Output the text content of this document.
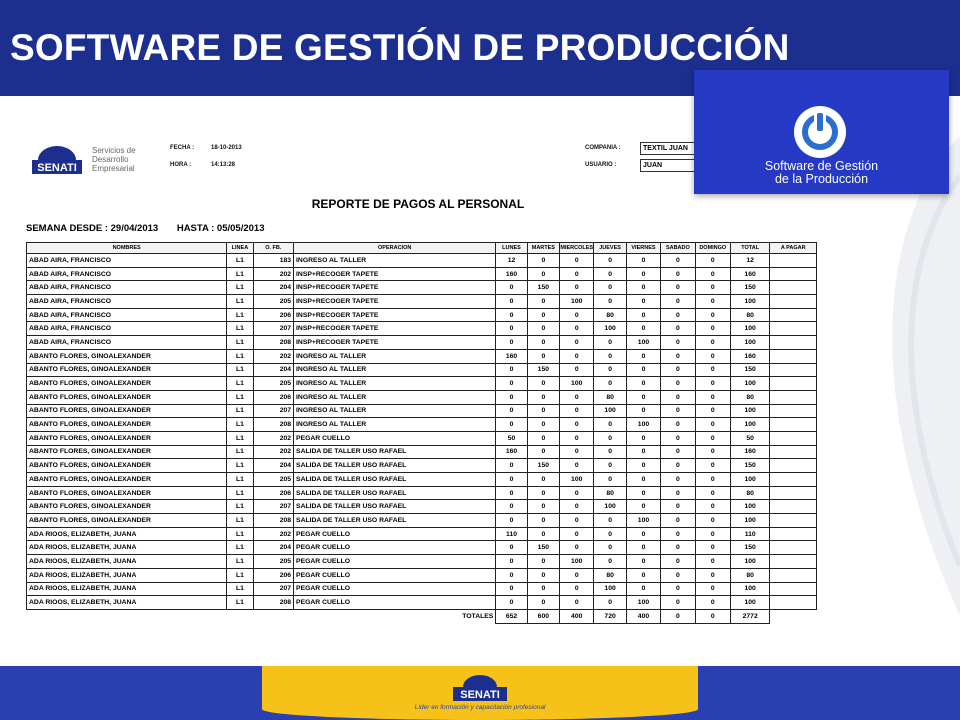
SOFTWARE DE GESTIÓN DE PRODUCCIÓN
Software de Gestión
de la Producción
SENATI
Servicios de
Desarrollo
Empresarial
FECHA :	18-10-2013
HORA :	14:13:28
COMPANIA :	TEXTIL JUAN
USUARIO :	JUAN
REPORTE DE PAGOS AL PERSONAL
SEMANA DESDE : 29/04/2013 HASTA : 05/05/2013
NOMBRES	LINEA	O. FB.	OPERACION	LUNES	MARTES	MIERCOLES	JUEVES	VIERNES	SABADO	DOMINGO	TOTAL	A PAGAR
ABAD AIRA, FRANCISCO	L1	183	INGRESO AL TALLER	12	0	0	0	0	0	0	12	
ABAD AIRA, FRANCISCO	L1	202	INSP+RECOGER TAPETE	160	0	0	0	0	0	0	160	
ABAD AIRA, FRANCISCO	L1	204	INSP+RECOGER TAPETE	0	150	0	0	0	0	0	150	
ABAD AIRA, FRANCISCO	L1	205	INSP+RECOGER TAPETE	0	0	100	0	0	0	0	100	
ABAD AIRA, FRANCISCO	L1	206	INSP+RECOGER TAPETE	0	0	0	80	0	0	0	80	
ABAD AIRA, FRANCISCO	L1	207	INSP+RECOGER TAPETE	0	0	0	100	0	0	0	100	
ABAD AIRA, FRANCISCO	L1	208	INSP+RECOGER TAPETE	0	0	0	0	100	0	0	100	
ABANTO FLORES, GINOALEXANDER	L1	202	INGRESO AL TALLER	160	0	0	0	0	0	0	160	
ABANTO FLORES, GINOALEXANDER	L1	204	INGRESO AL TALLER	0	150	0	0	0	0	0	150	
ABANTO FLORES, GINOALEXANDER	L1	205	INGRESO AL TALLER	0	0	100	0	0	0	0	100	
ABANTO FLORES, GINOALEXANDER	L1	206	INGRESO AL TALLER	0	0	0	80	0	0	0	80	
ABANTO FLORES, GINOALEXANDER	L1	207	INGRESO AL TALLER	0	0	0	100	0	0	0	100	
ABANTO FLORES, GINOALEXANDER	L1	208	INGRESO AL TALLER	0	0	0	0	100	0	0	100	
ABANTO FLORES, GINOALEXANDER	L1	202	PEGAR CUELLO	50	0	0	0	0	0	0	50	
ABANTO FLORES, GINOALEXANDER	L1	202	SALIDA DE TALLER USO RAFAEL	160	0	0	0	0	0	0	160	
ABANTO FLORES, GINOALEXANDER	L1	204	SALIDA DE TALLER USO RAFAEL	0	150	0	0	0	0	0	150	
ABANTO FLORES, GINOALEXANDER	L1	205	SALIDA DE TALLER USO RAFAEL	0	0	100	0	0	0	0	100	
ABANTO FLORES, GINOALEXANDER	L1	206	SALIDA DE TALLER USO RAFAEL	0	0	0	80	0	0	0	80	
ABANTO FLORES, GINOALEXANDER	L1	207	SALIDA DE TALLER USO RAFAEL	0	0	0	100	0	0	0	100	
ABANTO FLORES, GINOALEXANDER	L1	208	SALIDA DE TALLER USO RAFAEL	0	0	0	0	100	0	0	100	
ADA RIOOS, ELIZABETH, JUANA	L1	202	PEGAR CUELLO	110	0	0	0	0	0	0	110	
ADA RIOOS, ELIZABETH, JUANA	L1	204	PEGAR CUELLO	0	150	0	0	0	0	0	150	
ADA RIOOS, ELIZABETH, JUANA	L1	205	PEGAR CUELLO	0	0	100	0	0	0	0	100	
ADA RIOOS, ELIZABETH, JUANA	L1	206	PEGAR CUELLO	0	0	0	80	0	0	0	80	
ADA RIOOS, ELIZABETH, JUANA	L1	207	PEGAR CUELLO	0	0	0	100	0	0	0	100	
ADA RIOOS, ELIZABETH, JUANA	L1	208	PEGAR CUELLO	0	0	0	0	100	0	0	100	
			TOTALES	652	600	400	720	400	0	0	2772	
SENATI
Líder en formación y capacitación profesional
